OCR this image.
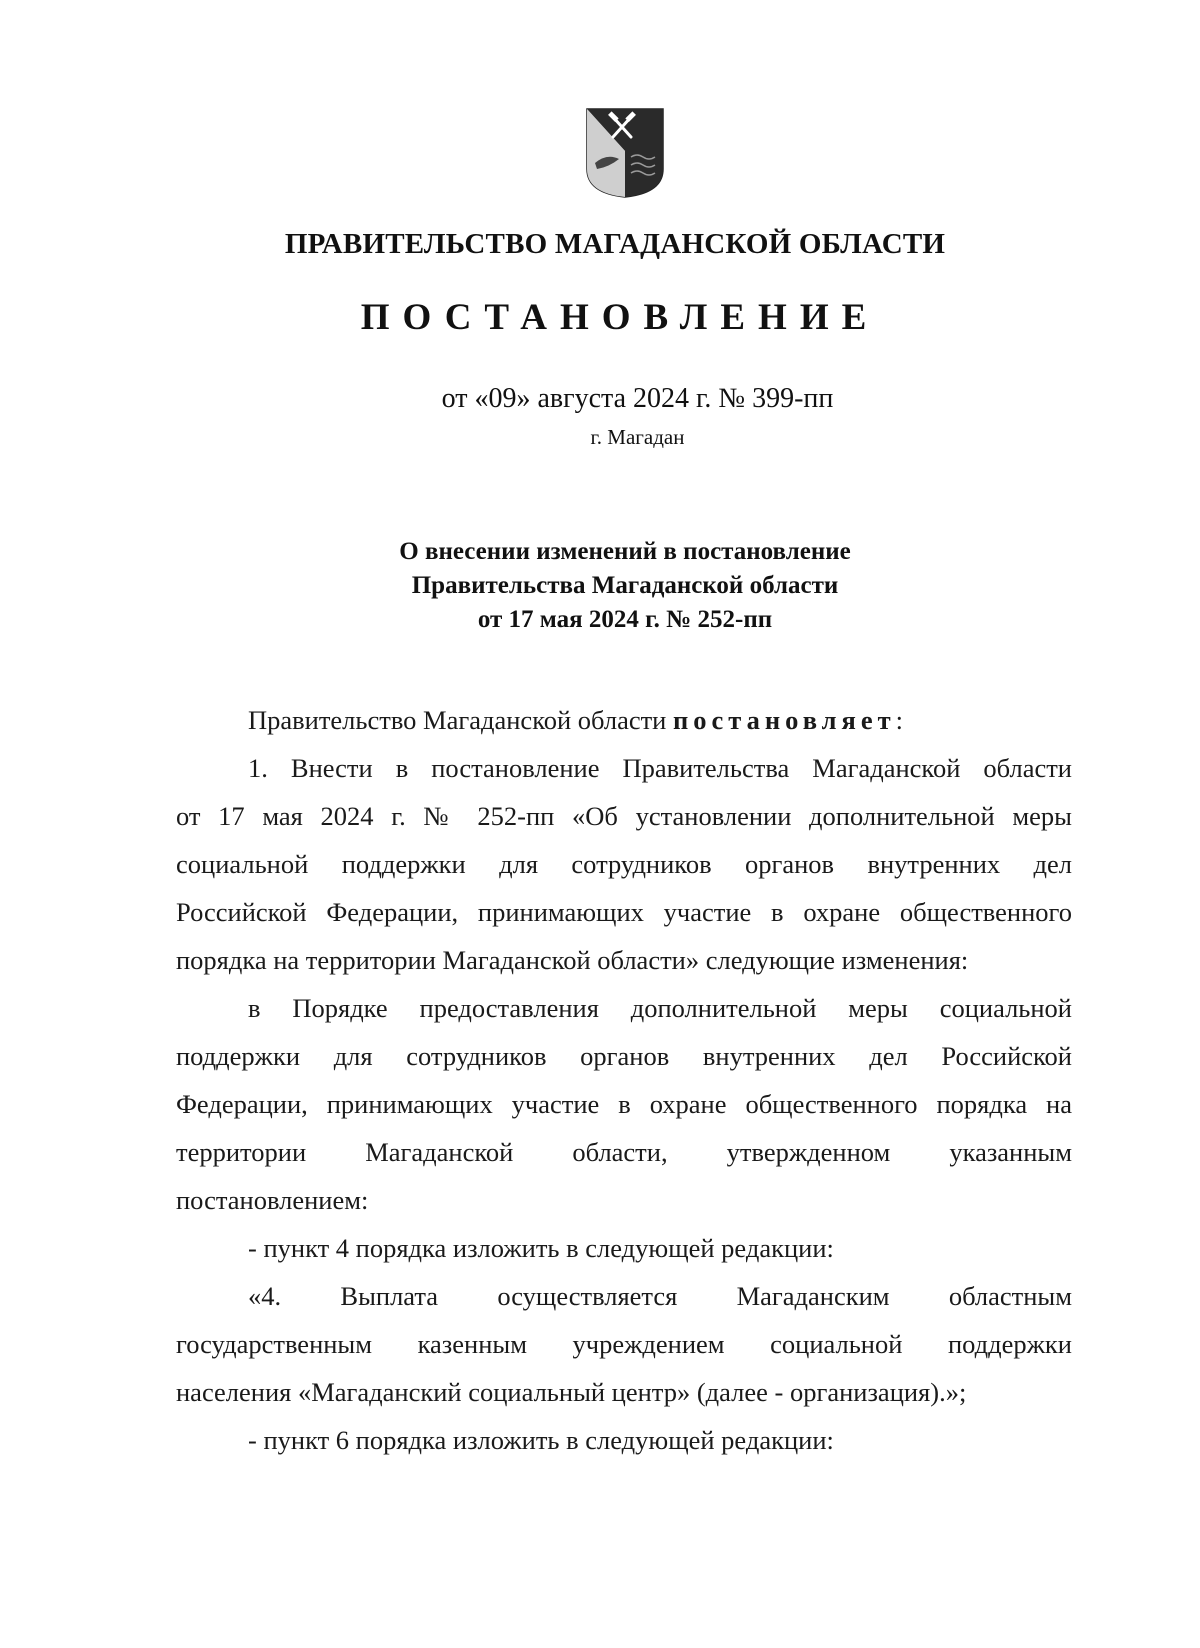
ПРАВИТЕЛЬСТВО МАГАДАНСКОЙ ОБЛАСТИ
ПОСТАНОВЛЕНИЕ
от «09» августа 2024 г. № 399-пп
г. Магадан
О внесении изменений в постановление
Правительства Магаданской области
от 17 мая 2024 г. № 252-пп

Правительство Магаданской области постановляет:

1. Внести в постановление Правительства Магаданской области
от 17 мая 2024 г. № 252-пп «Об установлении дополнительной меры
социальной поддержки для сотрудников органов внутренних дел
Российской Федерации, принимающих участие в охране общественного
порядка на территории Магаданской области» следующие изменения:
в Порядке предоставления дополнительной меры социальной
поддержки для сотрудников органов внутренних дел Российской
Федерации, принимающих участие в охране общественного порядка на
территории Магаданской области, утвержденном указанным
постановлением:

- пункт 4 порядка изложить в следующей редакции:

«4. Выплата осуществляется Магаданским областным
государственным казенным учреждением социальной поддержки
населения «Магаданский социальный центр» (далее - организация).»;

- пункт 6 порядка изложить в следующей редакции:
